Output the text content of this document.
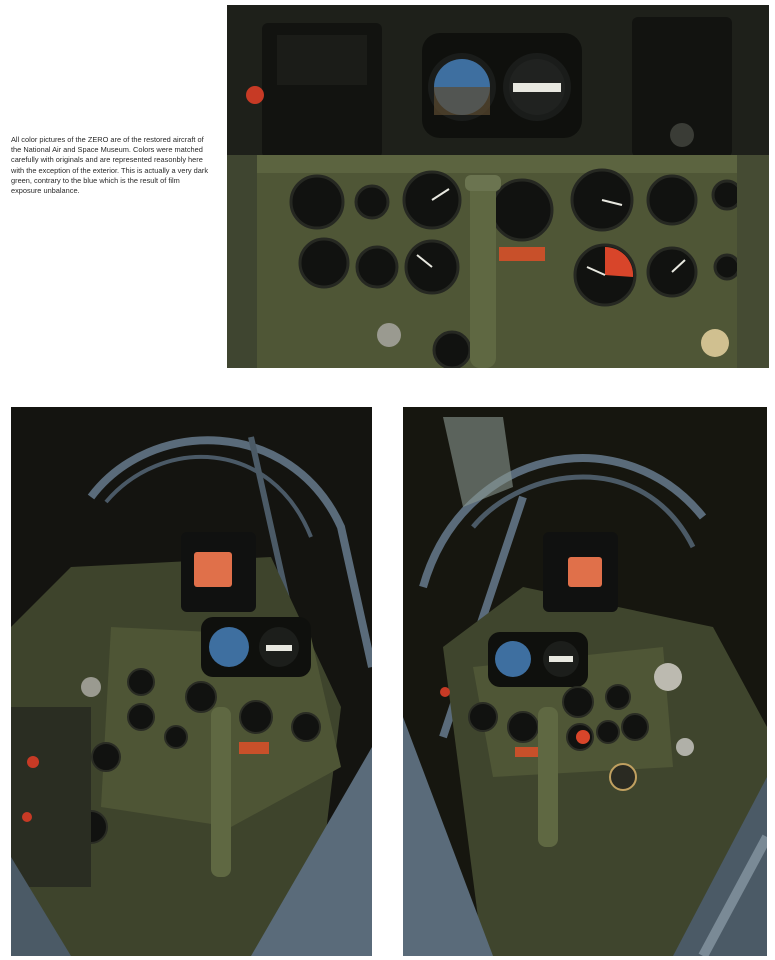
All color pictures of the ZERO are of the restored aircraft of the National Air and Space Museum. Colors were matched carefully with originals and are represented reasonbly here with the exception of the exterior. This is actually a very dark green, contrary to the blue which is the result of film exposure unbalance.
